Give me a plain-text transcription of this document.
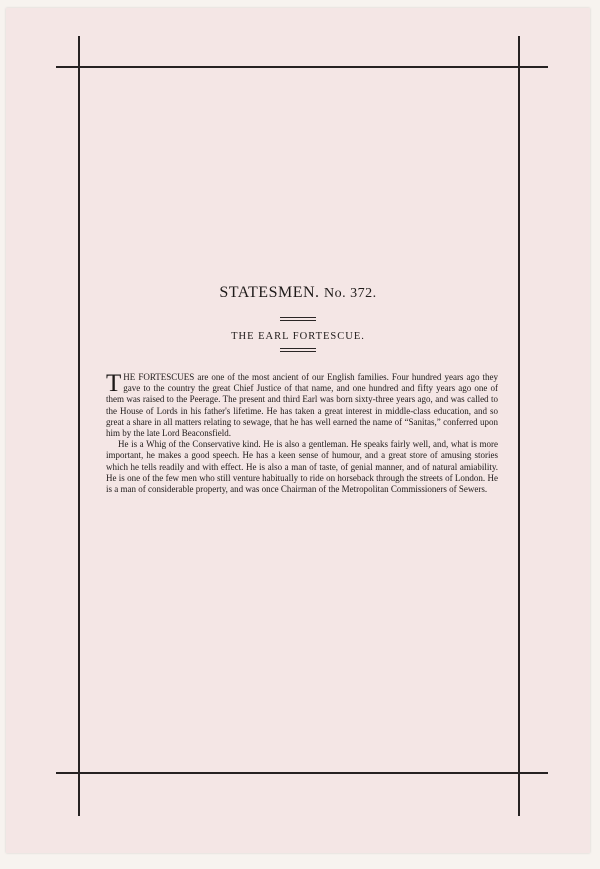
STATESMEN. No. 372.
THE EARL FORTESCUE.

T HE FORTESCUES are one of the most ancient of our English families. Four hundred years ago they gave to the country the great Chief Justice of that name, and one hundred and fifty years ago one of them was raised to the Peerage. The present and third Earl was born sixty-three years ago, and was called to the House of Lords in his father's lifetime. He has taken a great interest in middle-class education, and so great a share in all matters relating to sewage, that he has well earned the name of “Sanitas,” conferred upon him by the late Lord Beaconsfield.

He is a Whig of the Conservative kind. He is also a gentleman. He speaks fairly well, and, what is more important, he makes a good speech. He has a keen sense of humour, and a great store of amusing stories which he tells readily and with effect. He is also a man of taste, of genial manner, and of natural amiability. He is one of the few men who still venture habitually to ride on horseback through the streets of London. He is a man of considerable property, and was once Chairman of the Metropolitan Commissioners of Sewers.
